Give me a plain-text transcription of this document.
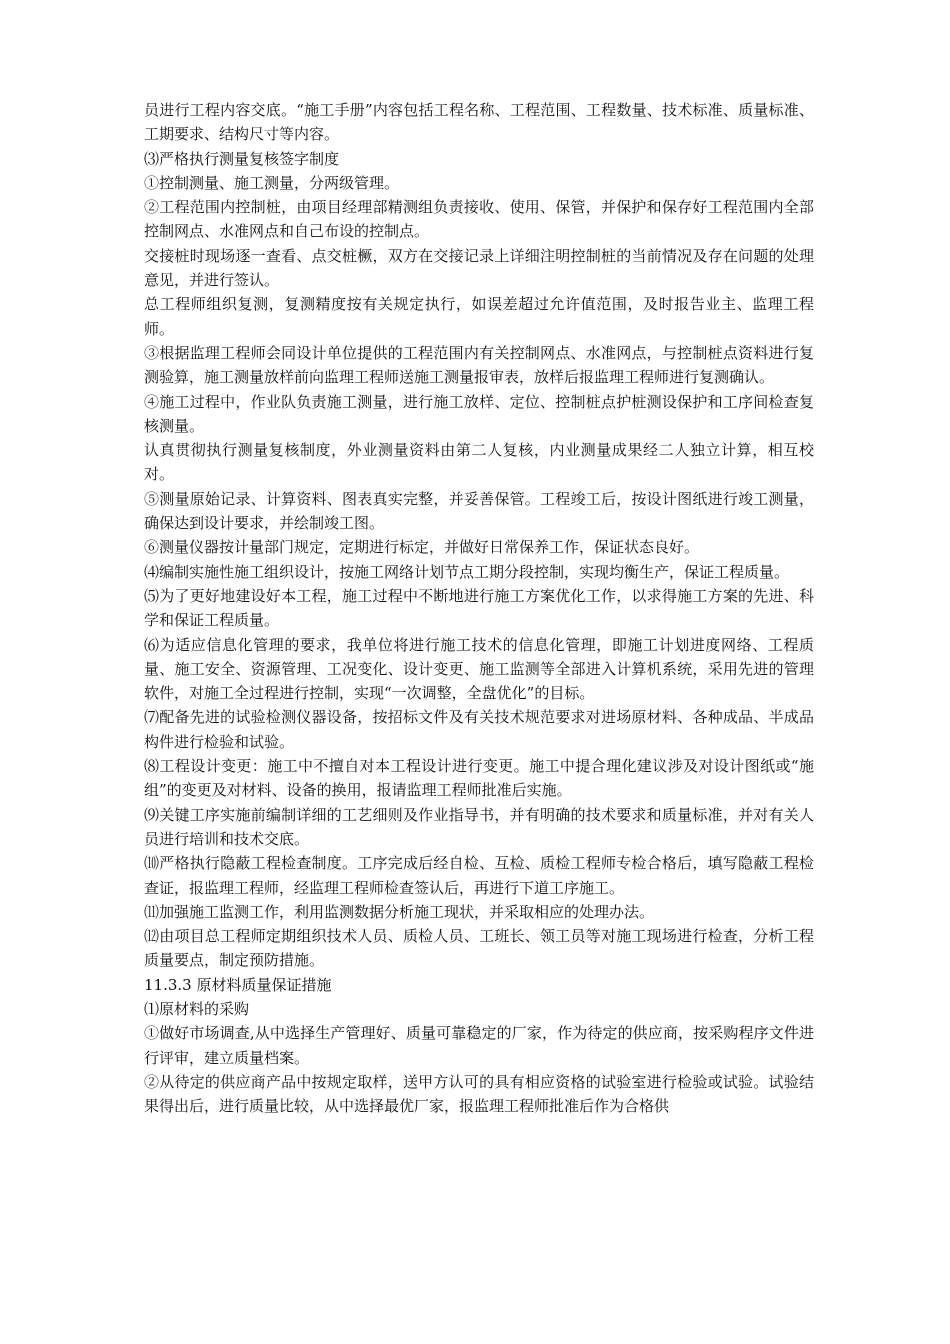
员进行工程内容交底。“施工手册”内容包括工程名称、工程范围、工程数量、技术标准、质量标准、工期要求、结构尺寸等内容。

⑶严格执行测量复核签字制度

①控制测量、施工测量，分两级管理。

②工程范围内控制桩，由项目经理部精测组负责接收、使用、保管，并保护和保存好工程范围内全部控制网点、水准网点和自己布设的控制点。

交接桩时现场逐一查看、点交桩橛，双方在交接记录上详细注明控制桩的当前情况及存在问题的处理意见，并进行签认。

总工程师组织复测，复测精度按有关规定执行，如误差超过允许值范围，及时报告业主、监理工程师。

③根据监理工程师会同设计单位提供的工程范围内有关控制网点、水准网点，与控制桩点资料进行复测验算，施工测量放样前向监理工程师送施工测量报审表，放样后报监理工程师进行复测确认。

④施工过程中，作业队负责施工测量，进行施工放样、定位、控制桩点护桩测设保护和工序间检查复核测量。

认真贯彻执行测量复核制度，外业测量资料由第二人复核，内业测量成果经二人独立计算，相互校对。

⑤测量原始记录、计算资料、图表真实完整，并妥善保管。工程竣工后，按设计图纸进行竣工测量，确保达到设计要求，并绘制竣工图。

⑥测量仪器按计量部门规定，定期进行标定，并做好日常保养工作，保证状态良好。

⑷编制实施性施工组织设计，按施工网络计划节点工期分段控制，实现均衡生产，保证工程质量。

⑸为了更好地建设好本工程，施工过程中不断地进行施工方案优化工作，以求得施工方案的先进、科学和保证工程质量。

⑹为适应信息化管理的要求，我单位将进行施工技术的信息化管理，即施工计划进度网络、工程质量、施工安全、资源管理、工况变化、设计变更、施工监测等全部进入计算机系统，采用先进的管理软件，对施工全过程进行控制，实现“一次调整，全盘优化”的目标。

⑺配备先进的试验检测仪器设备，按招标文件及有关技术规范要求对进场原材料、各种成品、半成品构件进行检验和试验。

⑻工程设计变更：施工中不擅自对本工程设计进行变更。施工中提合理化建议涉及对设计图纸或“施组”的变更及对材料、设备的换用，报请监理工程师批准后实施。

⑼关键工序实施前编制详细的工艺细则及作业指导书，并有明确的技术要求和质量标准，并对有关人员进行培训和技术交底。

⑽严格执行隐蔽工程检查制度。工序完成后经自检、互检、质检工程师专检合格后，填写隐蔽工程检查证，报监理工程师，经监理工程师检查签认后，再进行下道工序施工。

⑾加强施工监测工作，利用监测数据分析施工现状，并采取相应的处理办法。

⑿由项目总工程师定期组织技术人员、质检人员、工班长、领工员等对施工现场进行检查，分析工程质量要点，制定预防措施。

11.3.3 原材料质量保证措施

⑴原材料的采购

①做好市场调查,从中选择生产管理好、质量可靠稳定的厂家，作为待定的供应商，按采购程序文件进行评审，建立质量档案。

②从待定的供应商产品中按规定取样，送甲方认可的具有相应资格的试验室进行检验或试验。试验结果得出后，进行质量比较，从中选择最优厂家，报监理工程师批准后作为合格供
